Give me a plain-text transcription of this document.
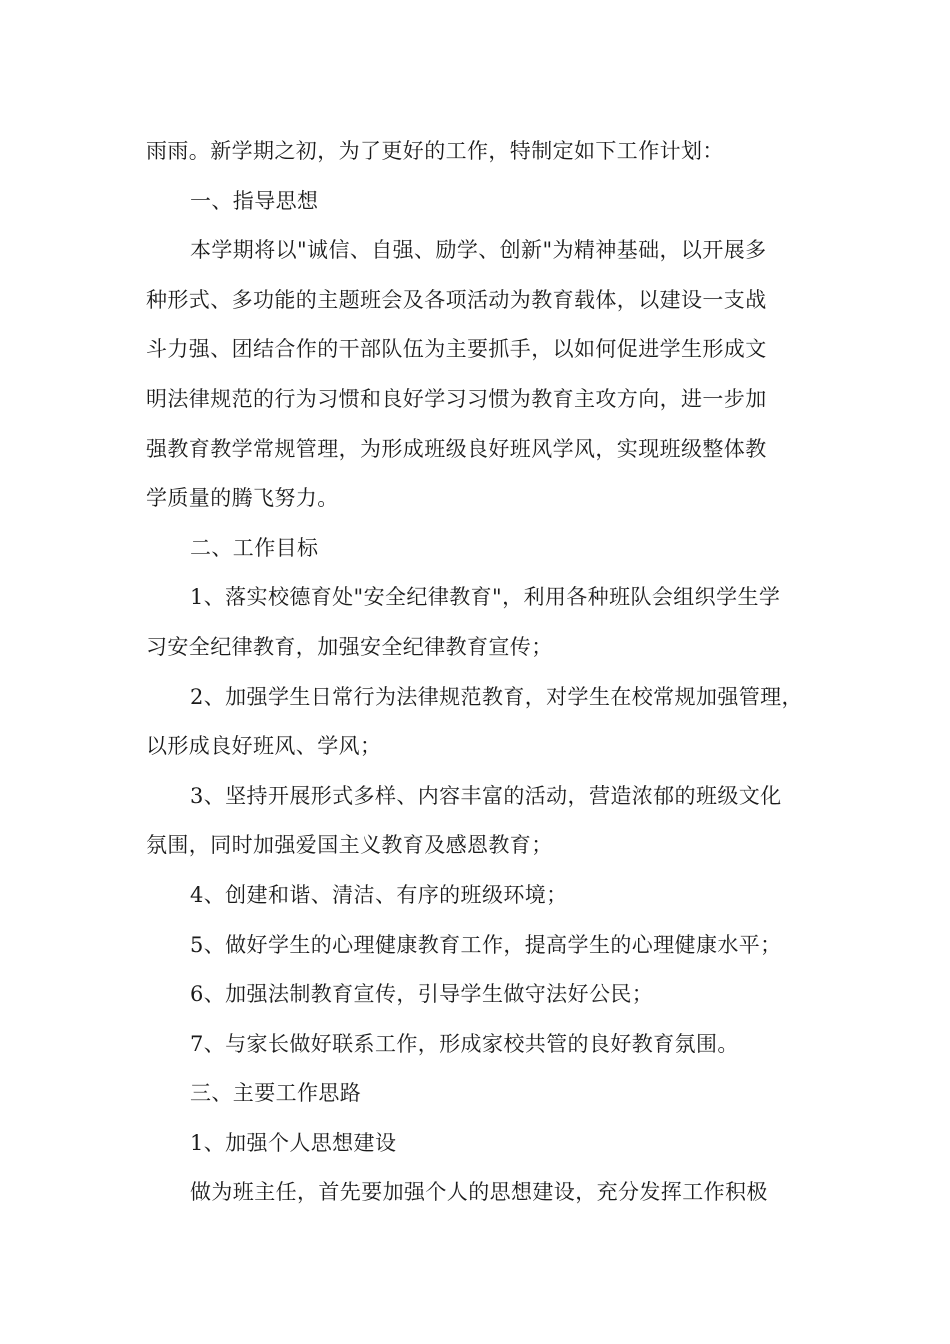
雨雨。新学期之初，为了更好的工作，特制定如下工作计划：
一、指导思想
本学期将以"诚信、自强、励学、创新"为精神基础，以开展多
种形式、多功能的主题班会及各项活动为教育载体，以建设一支战
斗力强、团结合作的干部队伍为主要抓手，以如何促进学生形成文
明法律规范的行为习惯和良好学习习惯为教育主攻方向，进一步加
强教育教学常规管理，为形成班级良好班风学风，实现班级整体教
学质量的腾飞努力。
二、工作目标
1、落实校德育处"安全纪律教育"，利用各种班队会组织学生学
习安全纪律教育，加强安全纪律教育宣传；
2、加强学生日常行为法律规范教育，对学生在校常规加强管理，
以形成良好班风、学风；
3、坚持开展形式多样、内容丰富的活动，营造浓郁的班级文化
氛围，同时加强爱国主义教育及感恩教育；
4、创建和谐、清洁、有序的班级环境；
5、做好学生的心理健康教育工作，提高学生的心理健康水平；
6、加强法制教育宣传，引导学生做守法好公民；
7、与家长做好联系工作，形成家校共管的良好教育氛围。
三、主要工作思路
1、加强个人思想建设
做为班主任，首先要加强个人的思想建设，充分发挥工作积极
